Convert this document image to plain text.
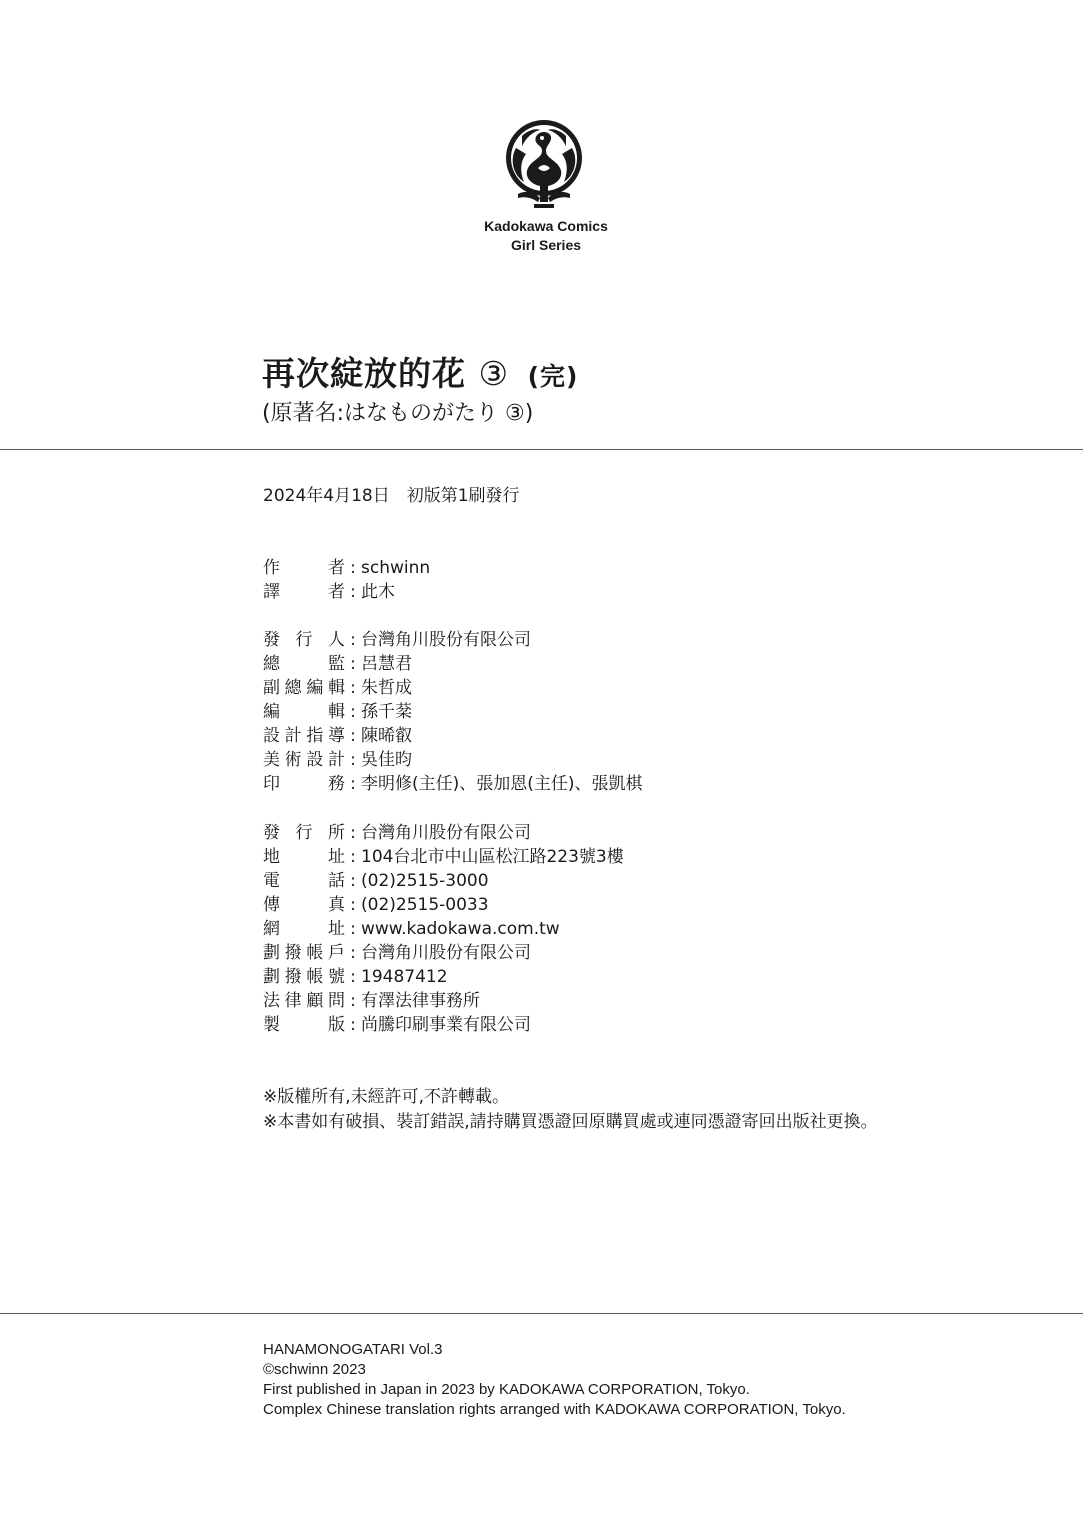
Kadokawa Comics
Girl Series
再次綻放的花 ③ (完)
(原著名:はなものがたり ③)
2024年4月18日　初版第1刷發行
作	者 : schwinn
譯	者 : 此木
發 行 人 : 台灣角川股份有限公司
總	監 : 呂慧君
副 總 編 輯 : 朱哲成
編	輯 : 孫千棻
設 計 指 導 : 陳晞叡
美 術 設 計 : 吳佳昀
印	務 : 李明修(主任)、張加恩(主任)、張凱棋
發 行 所 : 台灣角川股份有限公司
地	址 : 104台北市中山區松江路223號3樓
電	話 : (02)2515-3000
傳	真 : (02)2515-0033
網	址 : www.kadokawa.com.tw
劃 撥 帳 戶 : 台灣角川股份有限公司
劃 撥 帳 號 : 19487412
法 律 顧 問 : 有澤法律事務所
製	版 : 尚騰印刷事業有限公司
※版權所有,未經許可,不許轉載。
※本書如有破損、裝訂錯誤,請持購買憑證回原購買處或連同憑證寄回出版社更換。
HANAMONOGATARI Vol.3
©schwinn 2023
First published in Japan in 2023 by KADOKAWA CORPORATION, Tokyo.
Complex Chinese translation rights arranged with KADOKAWA CORPORATION, Tokyo.
